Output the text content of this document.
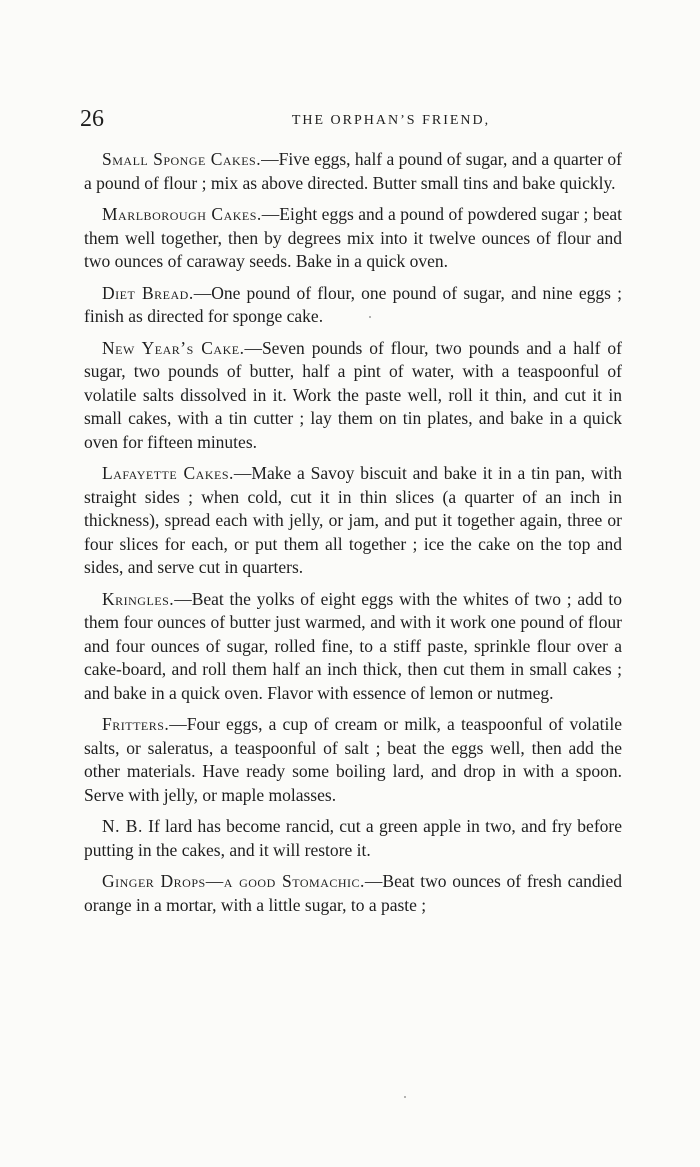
26	THE ORPHAN’S FRIEND,

Small Sponge Cakes.—Five eggs, half a pound of sugar, and a quarter of a pound of flour ; mix as above directed. Butter small tins and bake quickly.

Marlborough Cakes.—Eight eggs and a pound of powdered sugar ; beat them well together, then by degrees mix into it twelve ounces of flour and two ounces of caraway seeds. Bake in a quick oven.

Diet Bread.—One pound of flour, one pound of sugar, and nine eggs ; finish as directed for sponge cake.

New Year’s Cake.—Seven pounds of flour, two pounds and a half of sugar, two pounds of butter, half a pint of water, with a teaspoonful of volatile salts dissolved in it. Work the paste well, roll it thin, and cut it in small cakes, with a tin cutter ; lay them on tin plates, and bake in a quick oven for fifteen minutes.

Lafayette Cakes.—Make a Savoy biscuit and bake it in a tin pan, with straight sides ; when cold, cut it in thin slices (a quarter of an inch in thickness), spread each with jelly, or jam, and put it together again, three or four slices for each, or put them all together ; ice the cake on the top and sides, and serve cut in quarters.

Kringles.—Beat the yolks of eight eggs with the whites of two ; add to them four ounces of butter just warmed, and with it work one pound of flour and four ounces of sugar, rolled fine, to a stiff paste, sprinkle flour over a cake-board, and roll them half an inch thick, then cut them in small cakes ; and bake in a quick oven. Flavor with essence of lemon or nutmeg.

Fritters.—Four eggs, a cup of cream or milk, a teaspoonful of volatile salts, or saleratus, a teaspoonful of salt ; beat the eggs well, then add the other materials. Have ready some boiling lard, and drop in with a spoon. Serve with jelly, or maple molasses.

N. B. If lard has become rancid, cut a green apple in two, and fry before putting in the cakes, and it will restore it.

Ginger Drops—a good Stomachic.—Beat two ounces of fresh candied orange in a mortar, with a little sugar, to a paste ;
